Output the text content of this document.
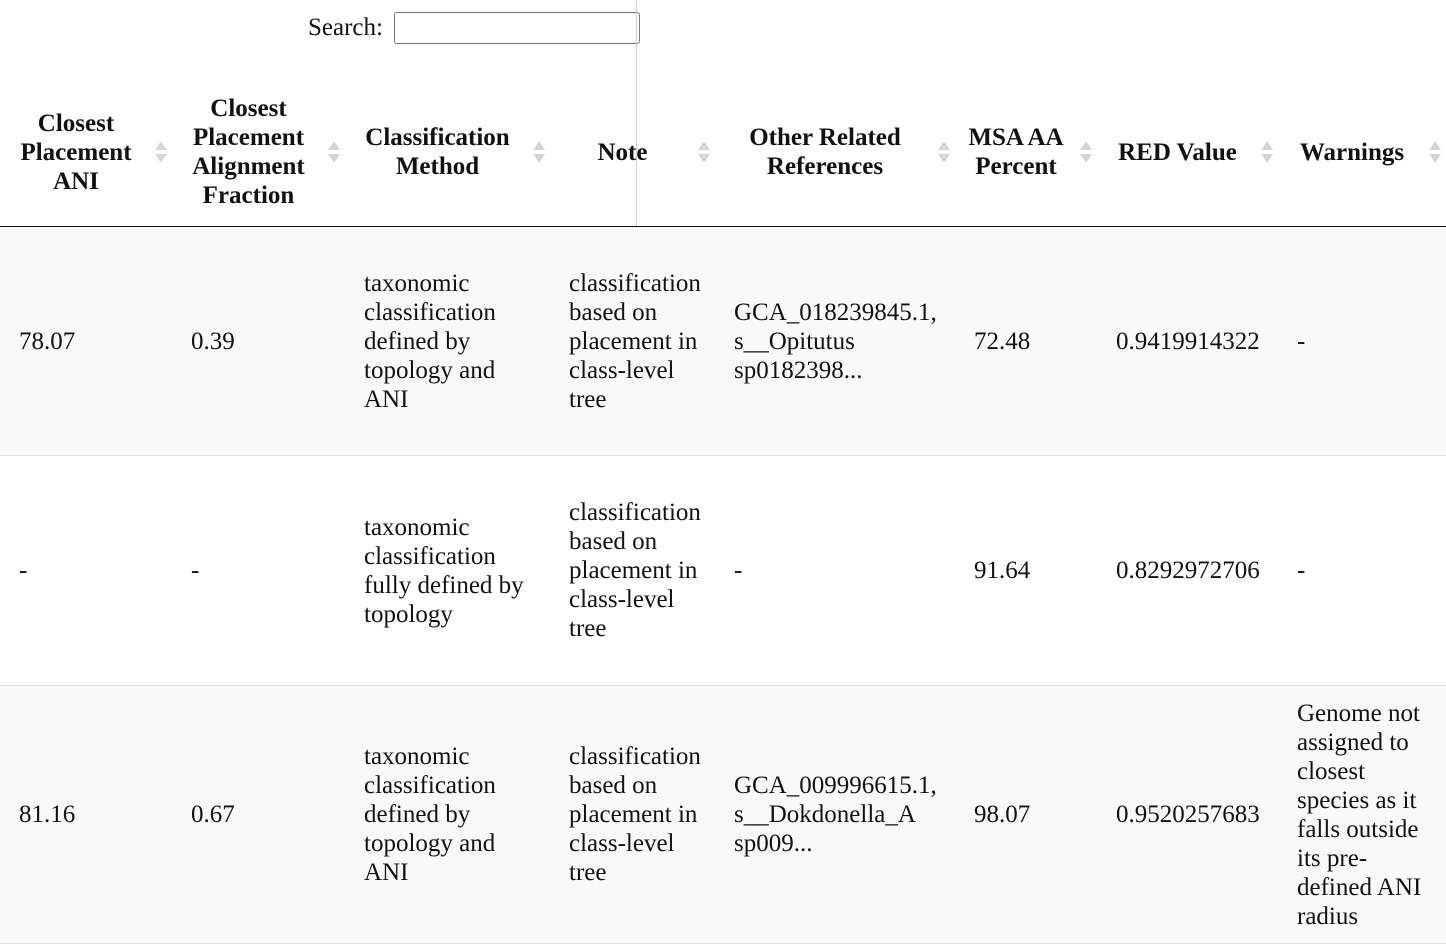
Search:
Closest Placement ANI	Closest Placement Alignment Fraction	Classification Method	Note	Other Related References	MSA AA Percent	RED Value	Warnings

78.07	0.39	taxonomic classification defined by topology and ANI	classification based on placement in class-level tree	GCA_018239845.1, s__Opitutus sp0182398...	72.48	0.9419914322	-
-	-	taxonomic classification fully defined by topology	classification based on placement in class-level tree	-	91.64	0.8292972706	-
81.16	0.67	taxonomic classification defined by topology and ANI	classification based on placement in class-level tree	GCA_009996615.1, s__Dokdonella_A sp009...	98.07	0.9520257683	Genome not assigned to closest species as it falls outside its pre-defined ANI radius
